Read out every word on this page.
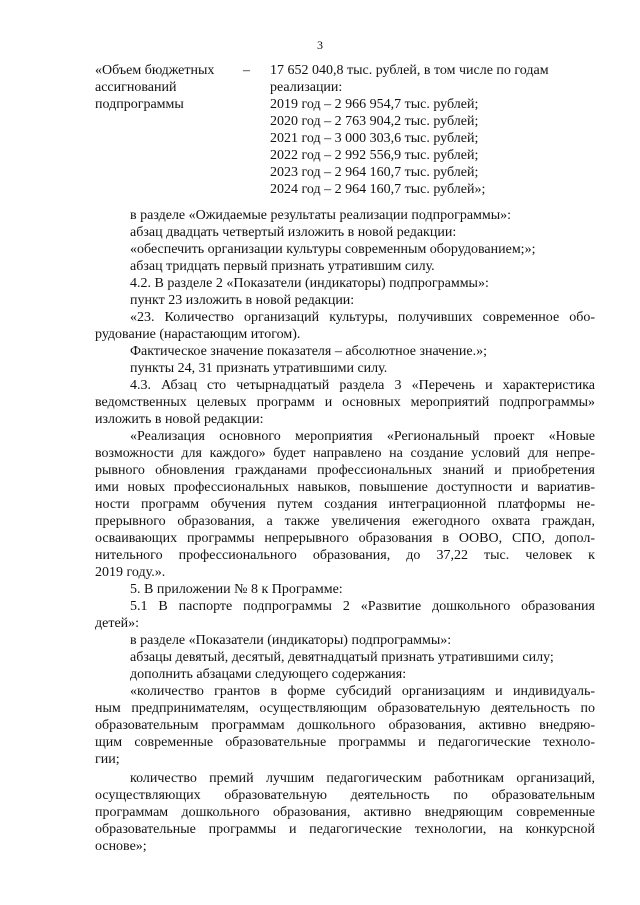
3
«Объем бюджетных
ассигнований
подпрограммы
– 17 652 040,8 тыс. рублей, в том числе по годам
реализации:
2019 год – 2 966 954,7 тыс. рублей;
2020 год – 2 763 904,2 тыс. рублей;
2021 год – 3 000 303,6 тыс. рублей;
2022 год – 2 992 556,9 тыс. рублей;
2023 год – 2 964 160,7 тыс. рублей;
2024 год – 2 964 160,7 тыс. рублей»;
в разделе «Ожидаемые результаты реализации подпрограммы»:
абзац двадцать четвертый изложить в новой редакции:
«обеспечить организации культуры современным оборудованием;»;
абзац тридцать первый признать утратившим силу.
4.2. В разделе 2 «Показатели (индикаторы) подпрограммы»:
пункт 23 изложить в новой редакции:
«23. Количество организаций культуры, получивших современное обо-
рудование (нарастающим итогом).
Фактическое значение показателя – абсолютное значение.»;
пункты 24, 31 признать утратившими силу.
4.3. Абзац сто четырнадцатый раздела 3 «Перечень и характеристика
ведомственных целевых программ и основных мероприятий подпрограммы»
изложить в новой редакции:
«Реализация основного мероприятия «Региональный проект «Новые
возможности для каждого» будет направлено на создание условий для непре-
рывного обновления гражданами профессиональных знаний и приобретения
ими новых профессиональных навыков, повышение доступности и вариатив-
ности программ обучения путем создания интеграционной платформы не-
прерывного образования, а также увеличения ежегодного охвата граждан,
осваивающих программы непрерывного образования в ООВО, СПО, допол-
нительного профессионального образования, до 37,22 тыс. человек к
2019 году.».
5. В приложении № 8 к Программе:
5.1 В паспорте подпрограммы 2 «Развитие дошкольного образования
детей»:
в разделе «Показатели (индикаторы) подпрограммы»:
абзацы девятый, десятый, девятнадцатый признать утратившими силу;
дополнить абзацами следующего содержания:
«количество грантов в форме субсидий организациям и индивидуаль-
ным предпринимателям, осуществляющим образовательную деятельность по
образовательным программам дошкольного образования, активно внедряю-
щим современные образовательные программы и педагогические техноло-
гии;
количество премий лучшим педагогическим работникам организаций,
осуществляющих образовательную деятельность по образовательным
программам дошкольного образования, активно внедряющим современные
образовательные программы и педагогические технологии, на конкурсной
основе»;
